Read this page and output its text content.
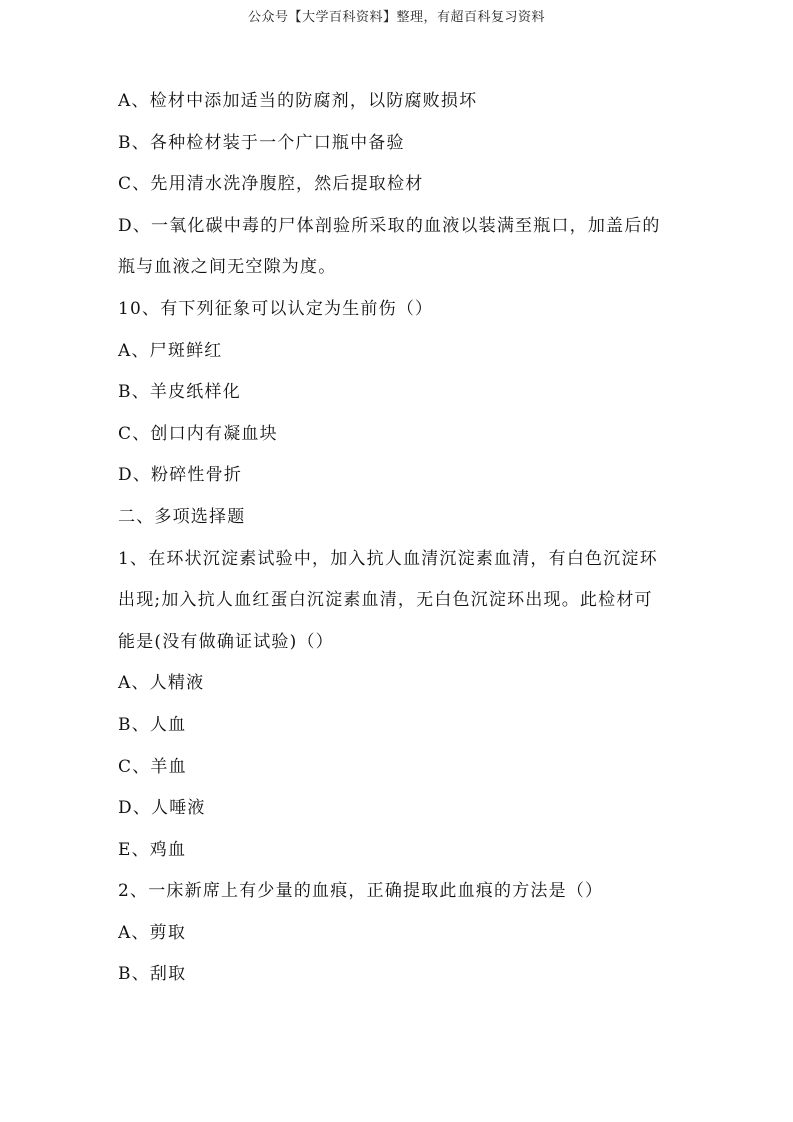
公众号【大学百科资料】整理，有超百科复习资料
A、检材中添加适当的防腐剂，以防腐败损坏
B、各种检材装于一个广口瓶中备验
C、先用清水洗净腹腔，然后提取检材
D、一氧化碳中毒的尸体剖验所采取的血液以装满至瓶口，加盖后的
瓶与血液之间无空隙为度。
10、有下列征象可以认定为生前伤（）
A、尸斑鲜红
B、羊皮纸样化
C、创口内有凝血块
D、粉碎性骨折
二、多项选择题
1、在环状沉淀素试验中，加入抗人血清沉淀素血清，有白色沉淀环
出现;加入抗人血红蛋白沉淀素血清，无白色沉淀环出现。此检材可
能是(没有做确证试验)（）
A、人精液
B、人血
C、羊血
D、人唾液
E、鸡血
2、一床新席上有少量的血痕，正确提取此血痕的方法是（）
A、剪取
B、刮取
